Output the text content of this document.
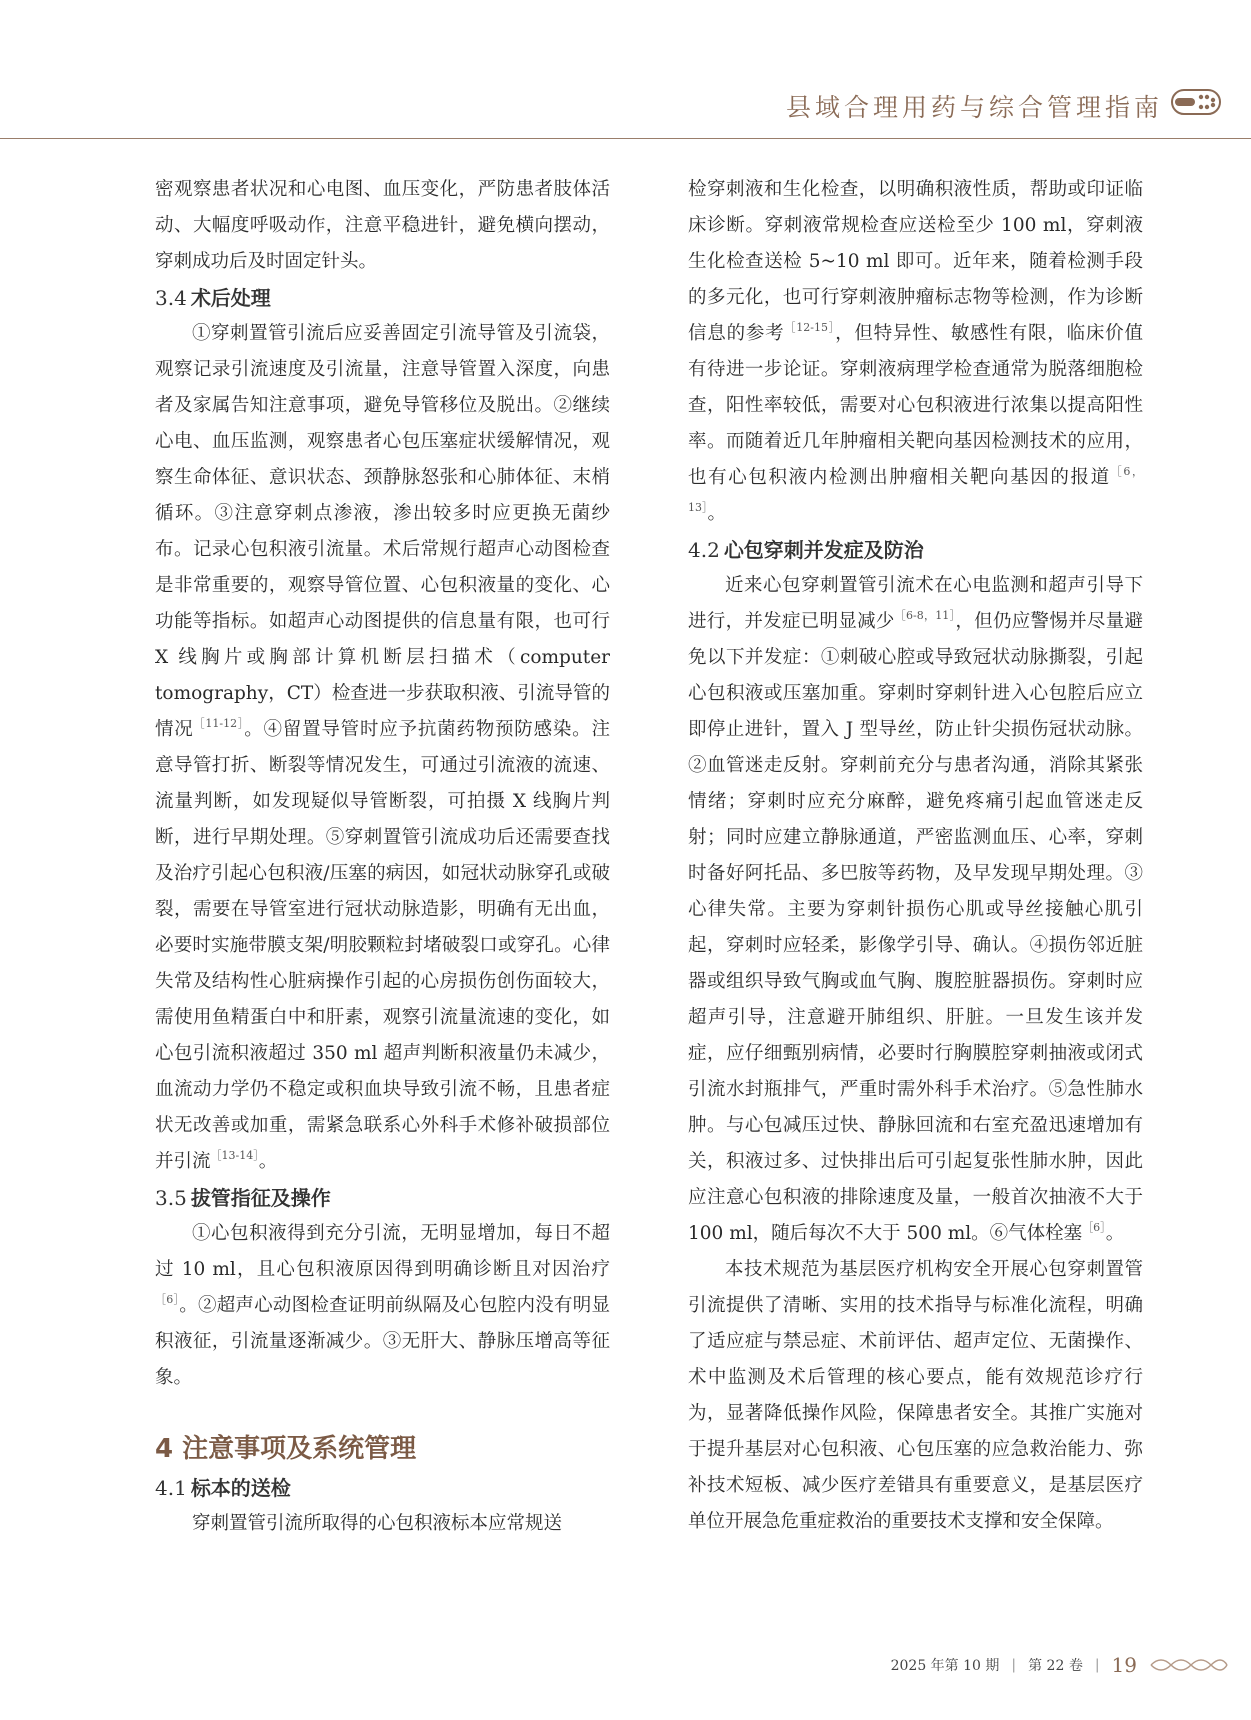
县域合理用药与综合管理指南

密观察患者状况和心电图、血压变化，严防患者肢体活动、大幅度呼吸动作，注意平稳进针，避免横向摆动，穿刺成功后及时固定针头。

3.4 术后处理

①穿刺置管引流后应妥善固定引流导管及引流袋，观察记录引流速度及引流量，注意导管置入深度，向患者及家属告知注意事项，避免导管移位及脱出。②继续心电、血压监测，观察患者心包压塞症状缓解情况，观察生命体征、意识状态、颈静脉怒张和心肺体征、末梢循环。③注意穿刺点渗液，渗出较多时应更换无菌纱布。记录心包积液引流量。术后常规行超声心动图检查是非常重要的，观察导管位置、心包积液量的变化、心功能等指标。如超声心动图提供的信息量有限，也可行 X 线胸片或胸部计算机断层扫描术（computer tomography，CT）检查进一步获取积液、引流导管的情况$^{[11-12]}$。④留置导管时应予抗菌药物预防感染。注意导管打折、断裂等情况发生，可通过引流液的流速、流量判断，如发现疑似导管断裂，可拍摄 X 线胸片判断，进行早期处理。⑤穿刺置管引流成功后还需要查找及治疗引起心包积液/压塞的病因，如冠状动脉穿孔或破裂，需要在导管室进行冠状动脉造影，明确有无出血，必要时实施带膜支架/明胶颗粒封堵破裂口或穿孔。心律失常及结构性心脏病操作引起的心房损伤创伤面较大，需使用鱼精蛋白中和肝素，观察引流量流速的变化，如心包引流积液超过 350 ml 超声判断积液量仍未减少，血流动力学仍不稳定或积血块导致引流不畅，且患者症状无改善或加重，需紧急联系心外科手术修补破损部位并引流$^{[13-14]}$。

3.5 拔管指征及操作

①心包积液得到充分引流，无明显增加，每日不超过 10 ml，且心包积液原因得到明确诊断且对因治疗$^{[6]}$。②超声心动图检查证明前纵隔及心包腔内没有明显积液征，引流量逐渐减少。③无肝大、静脉压增高等征象。

4 注意事项及系统管理
4.1 标本的送检

穿刺置管引流所取得的心包积液标本应常规送

检穿刺液和生化检查，以明确积液性质，帮助或印证临床诊断。穿刺液常规检查应送检至少 100 ml，穿刺液生化检查送检 5~10 ml 即可。近年来，随着检测手段的多元化，也可行穿刺液肿瘤标志物等检测，作为诊断信息的参考$^{[12-15]}$，但特异性、敏感性有限，临床价值有待进一步论证。穿刺液病理学检查通常为脱落细胞检查，阳性率较低，需要对心包积液进行浓集以提高阳性率。而随着近几年肿瘤相关靶向基因检测技术的应用，也有心包积液内检测出肿瘤相关靶向基因的报道$^{[6,13]}$。

4.2 心包穿刺并发症及防治

近来心包穿刺置管引流术在心电监测和超声引导下进行，并发症已明显减少$^{[6-8,11]}$，但仍应警惕并尽量避免以下并发症：①刺破心腔或导致冠状动脉撕裂，引起心包积液或压塞加重。穿刺时穿刺针进入心包腔后应立即停止进针，置入 J 型导丝，防止针尖损伤冠状动脉。②血管迷走反射。穿刺前充分与患者沟通，消除其紧张情绪；穿刺时应充分麻醉，避免疼痛引起血管迷走反射；同时应建立静脉通道，严密监测血压、心率，穿刺时备好阿托品、多巴胺等药物，及早发现早期处理。③心律失常。主要为穿刺针损伤心肌或导丝接触心肌引起，穿刺时应轻柔，影像学引导、确认。④损伤邻近脏器或组织导致气胸或血气胸、腹腔脏器损伤。穿刺时应超声引导，注意避开肺组织、肝脏。一旦发生该并发症，应仔细甄别病情，必要时行胸膜腔穿刺抽液或闭式引流水封瓶排气，严重时需外科手术治疗。⑤急性肺水肿。与心包减压过快、静脉回流和右室充盈迅速增加有关，积液过多、过快排出后可引起复张性肺水肿，因此应注意心包积液的排除速度及量，一般首次抽液不大于 100 ml，随后每次不大于 500 ml。⑥气体栓塞$^{[6]}$。

本技术规范为基层医疗机构安全开展心包穿刺置管引流提供了清晰、实用的技术指导与标准化流程，明确了适应症与禁忌症、术前评估、超声定位、无菌操作、术中监测及术后管理的核心要点，能有效规范诊疗行为，显著降低操作风险，保障患者安全。其推广实施对于提升基层对心包积液、心包压塞的应急救治能力、弥补技术短板、减少医疗差错具有重要意义，是基层医疗单位开展急危重症救治的重要技术支撑和安全保障。

2025 年第 10 期 | 第 22 卷 | 19
